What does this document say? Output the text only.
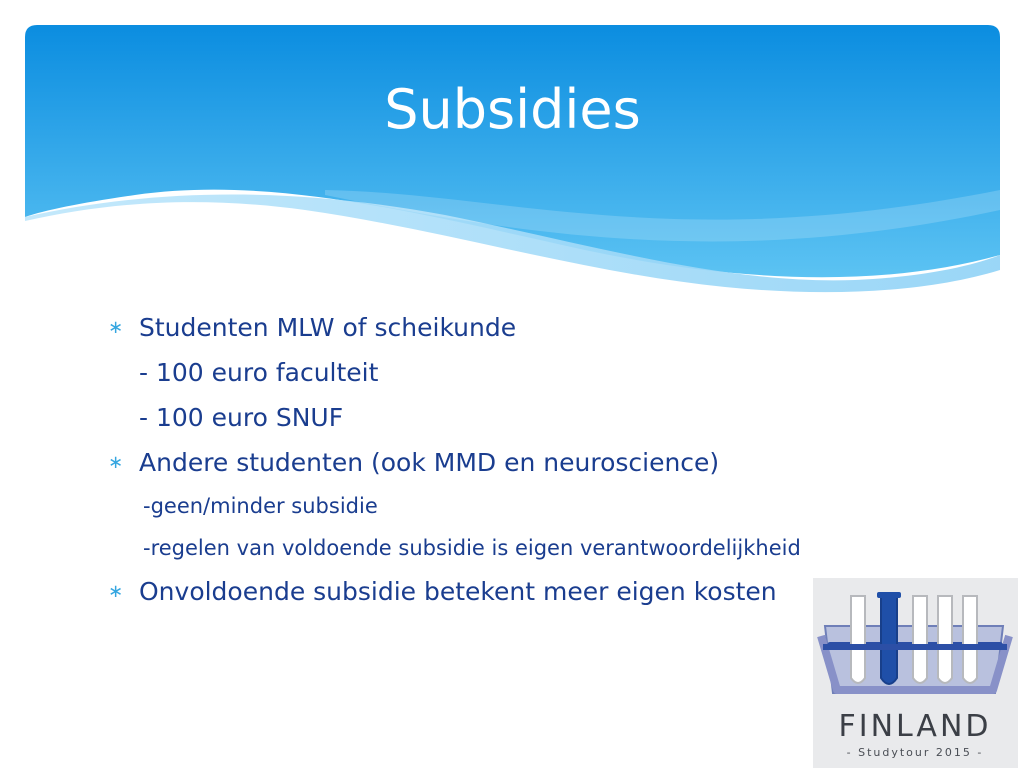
Subsidies
∗ Studenten MLW of scheikunde
- 100 euro faculteit
- 100 euro SNUF
∗ Andere studenten (ook MMD en neuroscience)
-geen/minder subsidie
-regelen van voldoende subsidie is eigen verantwoordelijkheid
∗ Onvoldoende subsidie betekent meer eigen kosten
FINLAND
- Studytour 2015 -
